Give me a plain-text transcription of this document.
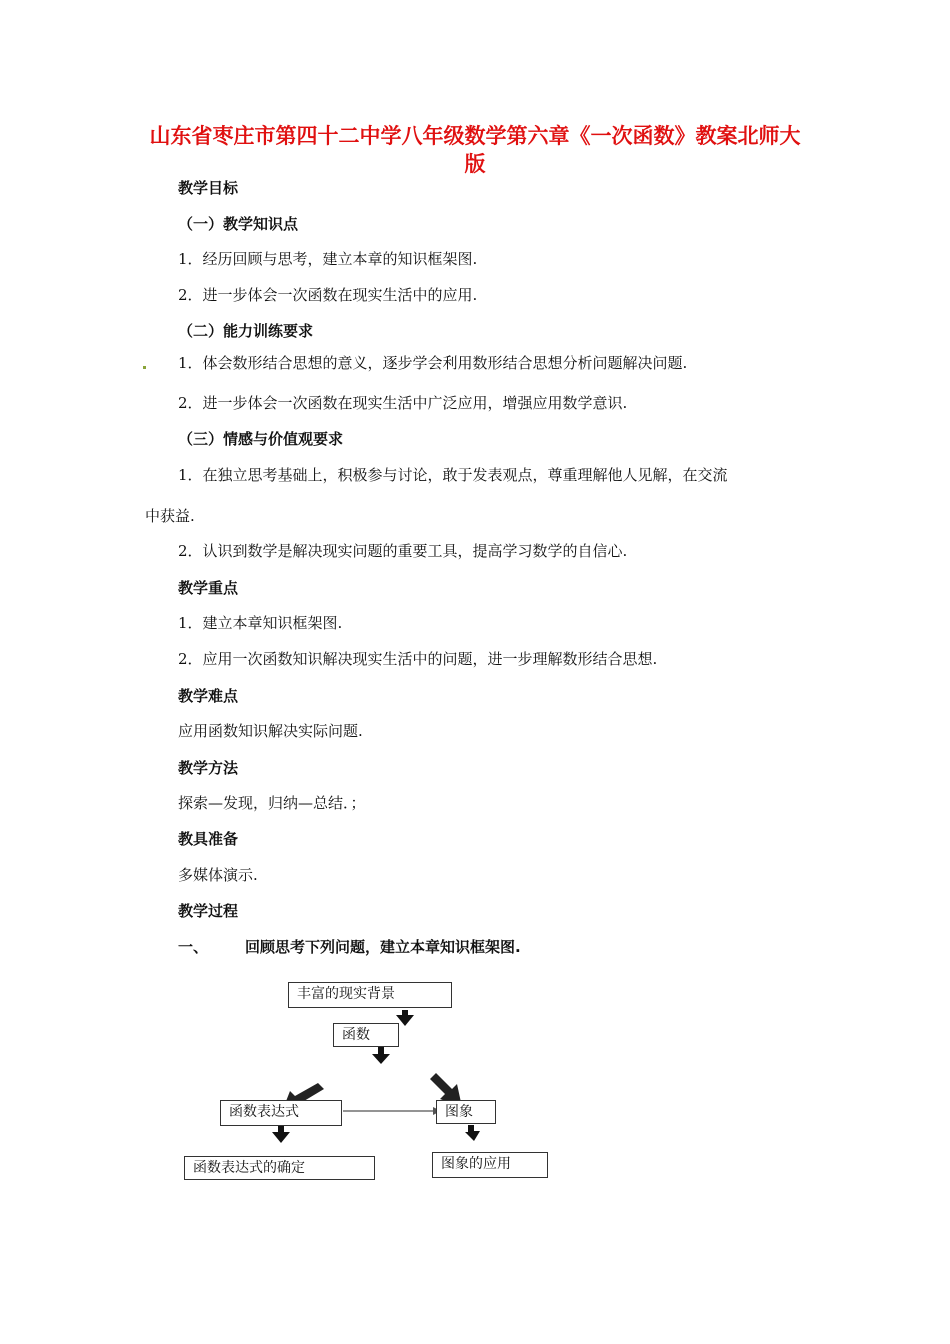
山东省枣庄市第四十二中学八年级数学第六章《一次函数》教案北师大版
教学目标
（一）教学知识点
1．经历回顾与思考，建立本章的知识框架图.
2．进一步体会一次函数在现实生活中的应用.
（二）能力训练要求
1．体会数形结合思想的意义，逐步学会利用数形结合思想分析问题解决问题.
2．进一步体会一次函数在现实生活中广泛应用，增强应用数学意识.
（三）情感与价值观要求
1．在独立思考基础上，积极参与讨论，敢于发表观点，尊重理解他人见解，在交流
中获益.
2．认识到数学是解决现实问题的重要工具，提高学习数学的自信心.
教学重点
1．建立本章知识框架图.
2．应用一次函数知识解决现实生活中的问题，进一步理解数形结合思想.
教学难点
应用函数知识解决实际问题.
教学方法
探索—发现，归纳—总结．；
教具准备
多媒体演示.
教学过程
一、 回顾思考下列问题，建立本章知识框架图.
丰富的现实背景
函数
函数表达式	图象
函数表达式的确定	图象的应用
